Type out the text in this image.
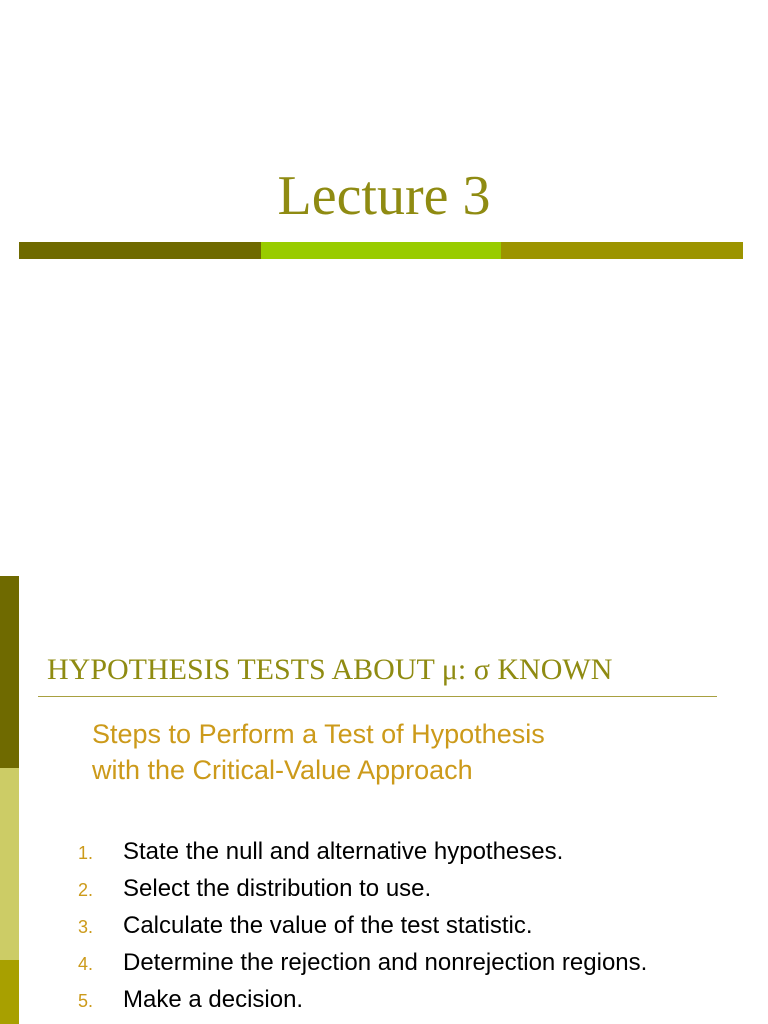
Lecture 3
HYPOTHESIS TESTS ABOUT μ: σ KNOWN
Steps to Perform a Test of Hypothesis
with the Critical-Value Approach
1. State the null and alternative hypotheses.
2. Select the distribution to use.
3. Calculate the value of the test statistic.
4. Determine the rejection and nonrejection regions.
5. Make a decision.
